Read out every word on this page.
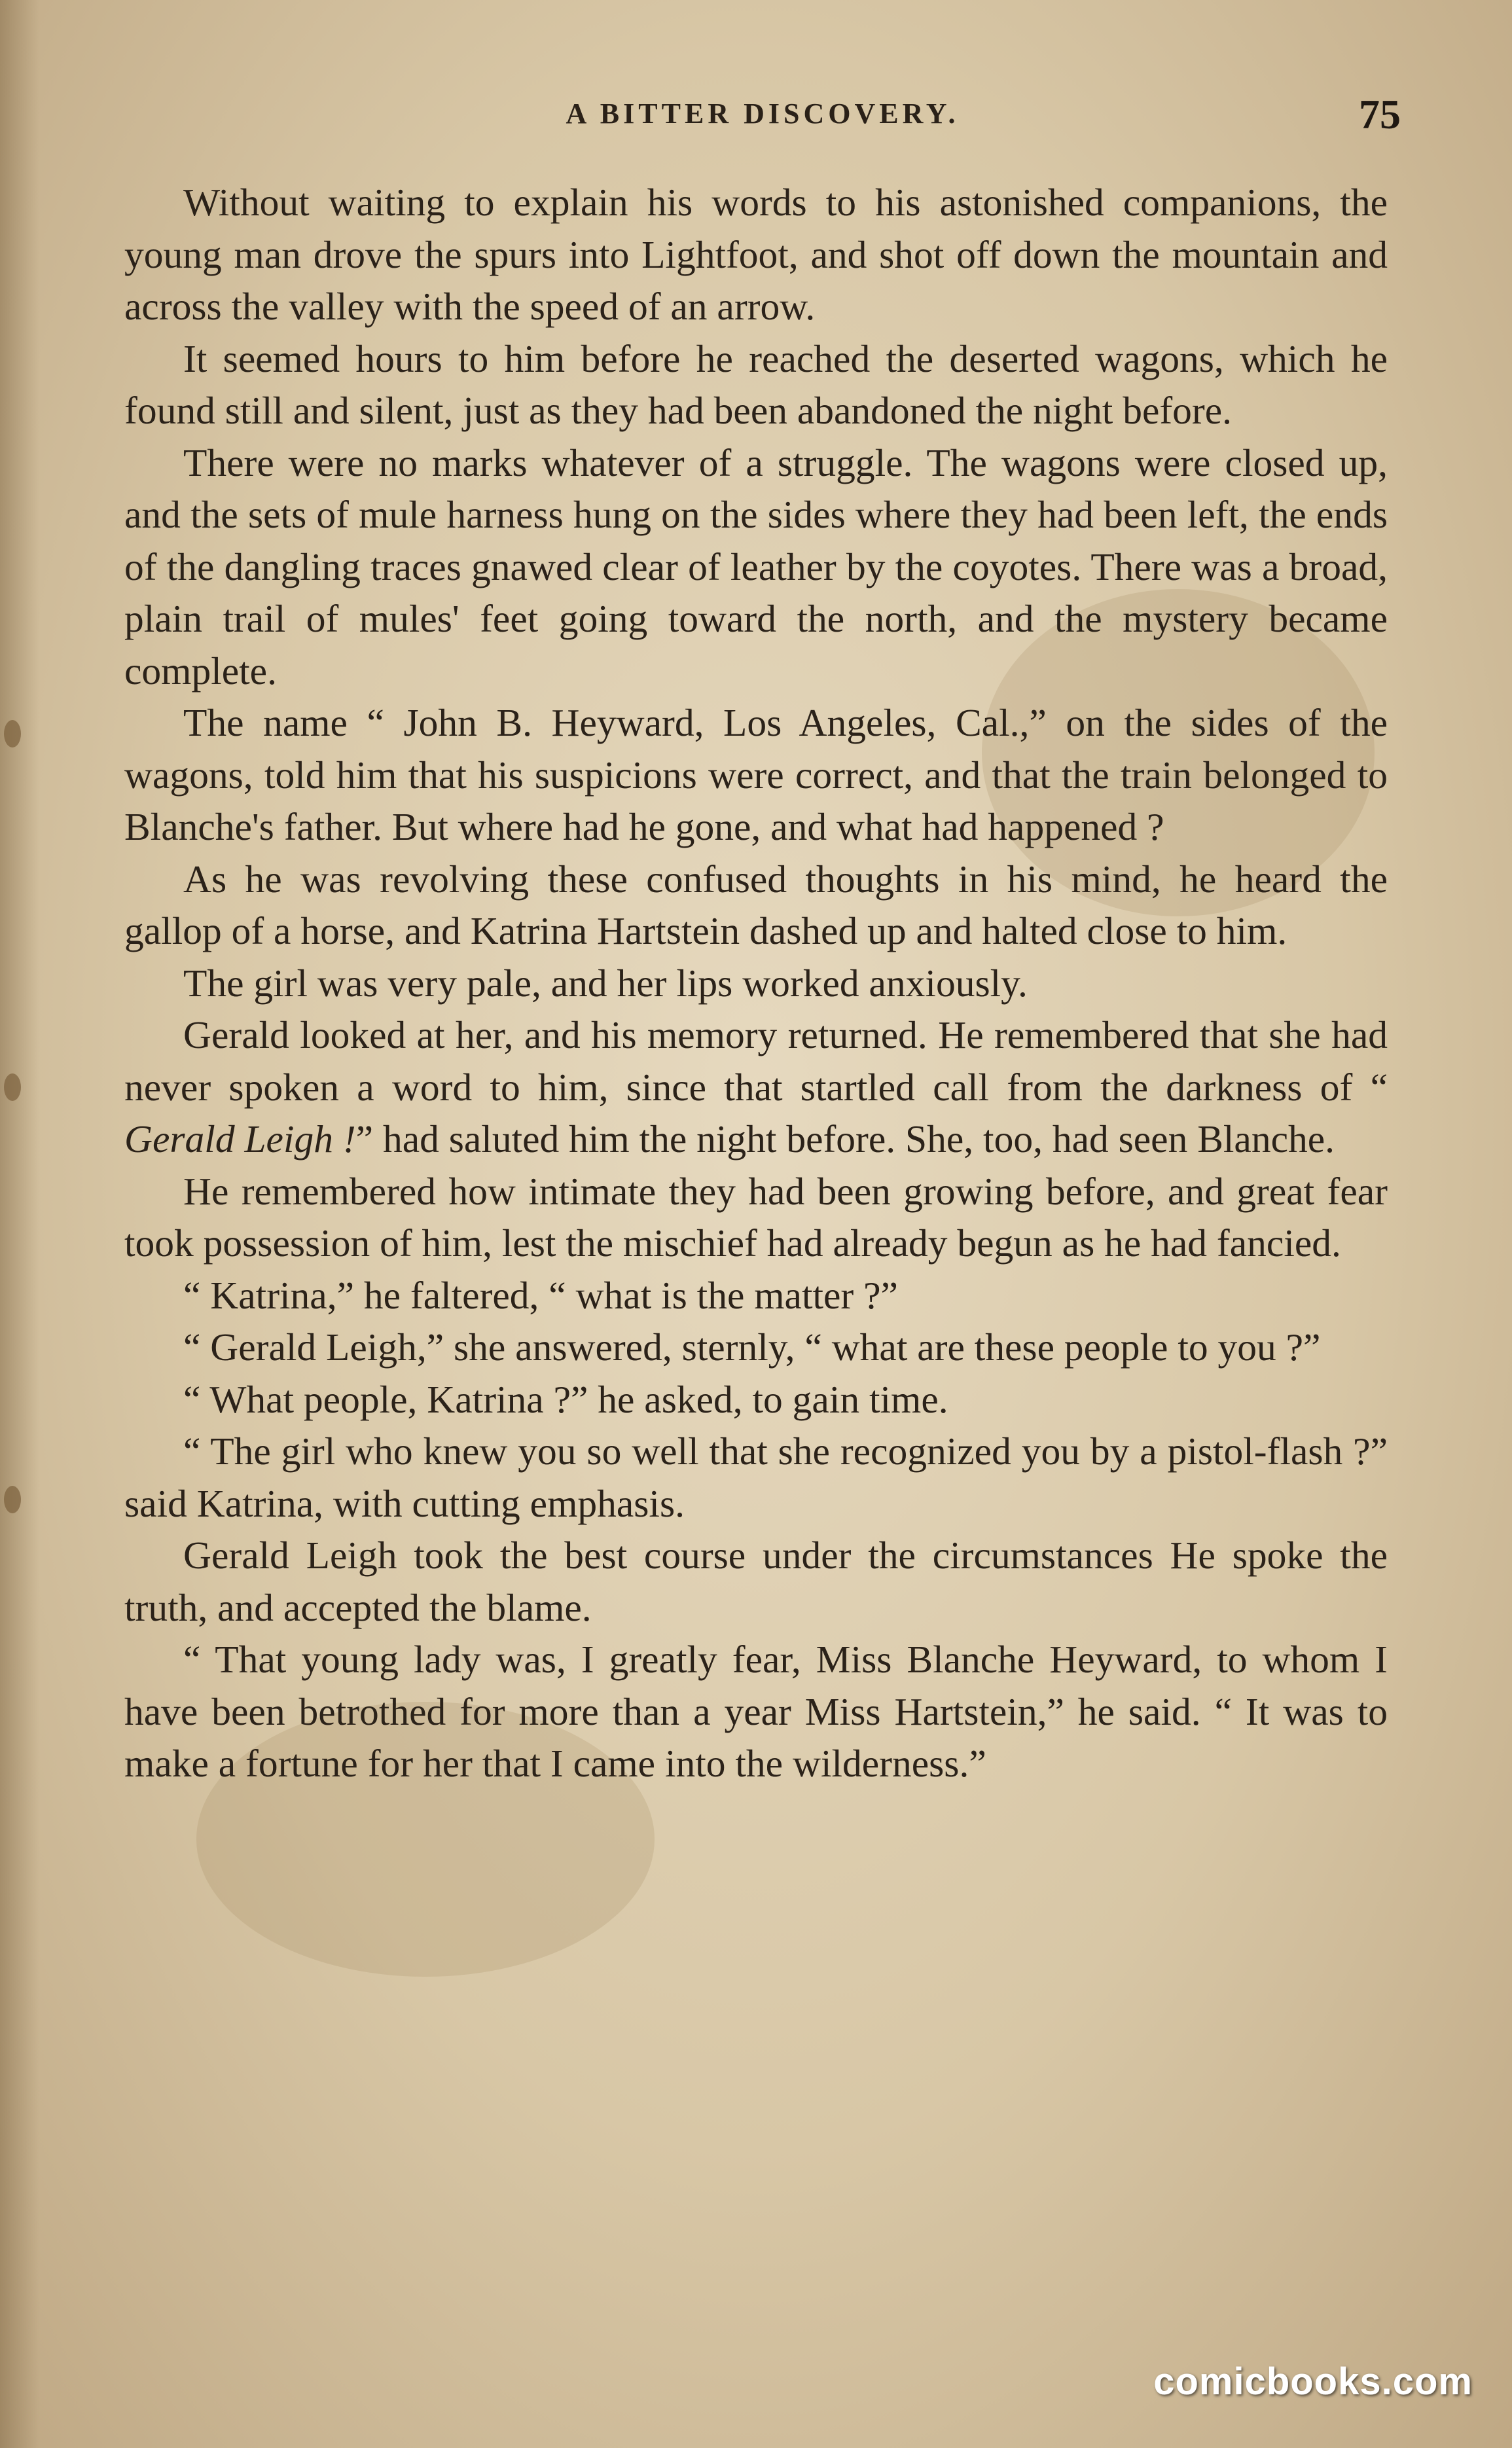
A BITTER DISCOVERY.	75

Without waiting to explain his words to his astonished companions, the young man drove the spurs into Lightfoot, and shot off down the mountain and across the valley with the speed of an arrow.

It seemed hours to him before he reached the deserted wagons, which he found still and silent, just as they had been abandoned the night before.

There were no marks whatever of a struggle. The wagons were closed up, and the sets of mule harness hung on the sides where they had been left, the ends of the dangling traces gnawed clear of leather by the coyotes. There was a broad, plain trail of mules' feet going toward the north, and the mystery became complete.

The name “ John B. Heyward, Los Angeles, Cal.,” on the sides of the wagons, told him that his suspicions were correct, and that the train belonged to Blanche's father. But where had he gone, and what had happened ?

As he was revolving these confused thoughts in his mind, he heard the gallop of a horse, and Katrina Hartstein dashed up and halted close to him.

The girl was very pale, and her lips worked anxiously.

Gerald looked at her, and his memory returned. He remembered that she had never spoken a word to him, since that startled call from the darkness of “ Gerald Leigh !” had saluted him the night before. She, too, had seen Blanche.

He remembered how intimate they had been growing before, and great fear took possession of him, lest the mischief had already begun as he had fancied.

“ Katrina,” he faltered, “ what is the matter ?”

“ Gerald Leigh,” she answered, sternly, “ what are these people to you ?”

“ What people, Katrina ?” he asked, to gain time.

“ The girl who knew you so well that she recognized you by a pistol-flash ?” said Katrina, with cutting emphasis.

Gerald Leigh took the best course under the circumstances He spoke the truth, and accepted the blame.

“ That young lady was, I greatly fear, Miss Blanche Heyward, to whom I have been betrothed for more than a year Miss Hartstein,” he said. “ It was to make a fortune for her that I came into the wilderness.”

comicbooks.com
